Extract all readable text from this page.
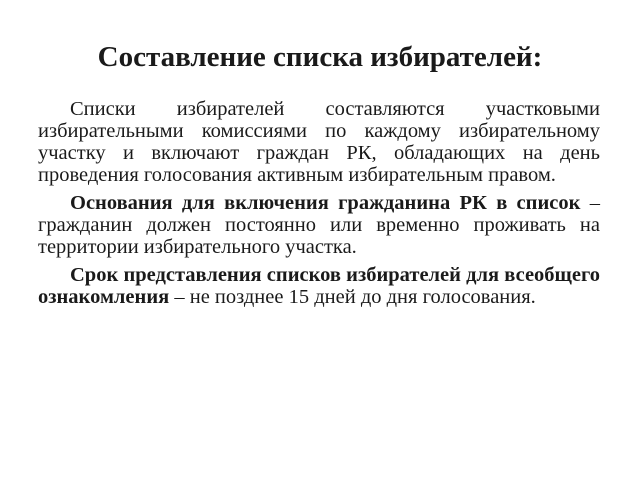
Составление списка избирателей:

Списки избирателей составляются участковыми избирательными комиссиями по каждому избирательному участку и включают граждан РК, обладающих на день проведения голосования активным избирательным правом.

Основания для включения гражданина РК в список – гражданин должен постоянно или временно проживать на территории избирательного участка.

Срок представления списков избирателей для всеобщего ознакомления – не позднее 15 дней до дня голосования.
